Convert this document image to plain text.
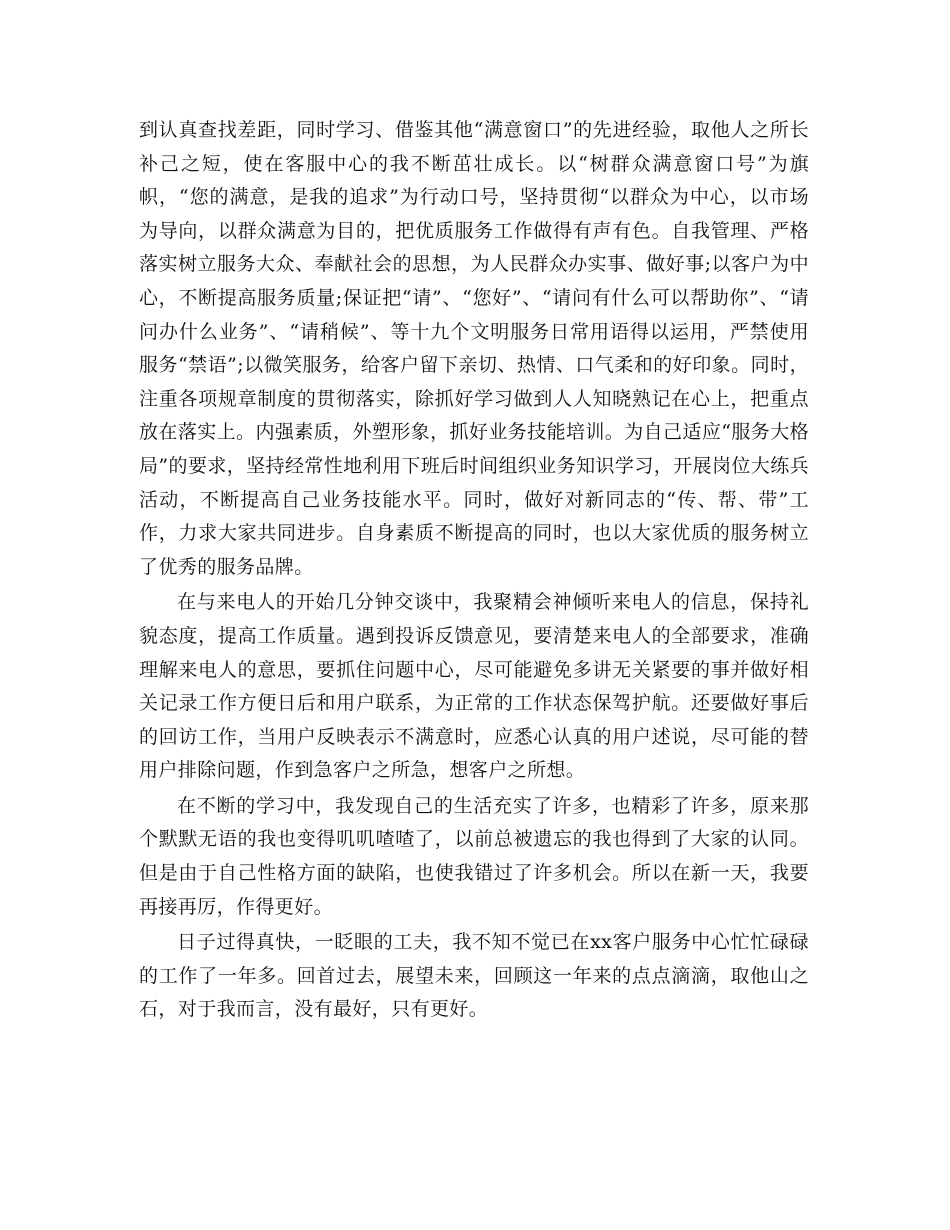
到认真查找差距，同时学习、借鉴其他“满意窗口”的先进经验，取他人之所长补己之短，使在客服中心的我不断茁壮成长。以“树群众满意窗口号”为旗帜，“您的满意，是我的追求”为行动口号，坚持贯彻“以群众为中心，以市场为导向，以群众满意为目的，把优质服务工作做得有声有色。自我管理、严格落实树立服务大众、奉献社会的思想，为人民群众办实事、做好事;以客户为中心，不断提高服务质量;保证把“请”、“您好”、“请问有什么可以帮助你”、“请问办什么业务”、“请稍候”、等十九个文明服务日常用语得以运用，严禁使用服务“禁语”;以微笑服务，给客户留下亲切、热情、口气柔和的好印象。同时，注重各项规章制度的贯彻落实，除抓好学习做到人人知晓熟记在心上，把重点放在落实上。内强素质，外塑形象，抓好业务技能培训。为自己适应“服务大格局”的要求，坚持经常性地利用下班后时间组织业务知识学习，开展岗位大练兵活动，不断提高自己业务技能水平。同时，做好对新同志的“传、帮、带”工作，力求大家共同进步。自身素质不断提高的同时，也以大家优质的服务树立了优秀的服务品牌。

在与来电人的开始几分钟交谈中，我聚精会神倾听来电人的信息，保持礼貌态度，提高工作质量。遇到投诉反馈意见，要清楚来电人的全部要求，准确理解来电人的意思，要抓住问题中心，尽可能避免多讲无关紧要的事并做好相关记录工作方便日后和用户联系，为正常的工作状态保驾护航。还要做好事后的回访工作，当用户反映表示不满意时，应悉心认真的用户述说，尽可能的替用户排除问题，作到急客户之所急，想客户之所想。

在不断的学习中，我发现自己的生活充实了许多，也精彩了许多，原来那个默默无语的我也变得叽叽喳喳了，以前总被遗忘的我也得到了大家的认同。但是由于自己性格方面的缺陷，也使我错过了许多机会。所以在新一天，我要再接再厉，作得更好。

日子过得真快，一眨眼的工夫，我不知不觉已在xx客户服务中心忙忙碌碌的工作了一年多。回首过去，展望未来，回顾这一年来的点点滴滴，取他山之石，对于我而言，没有最好，只有更好。
